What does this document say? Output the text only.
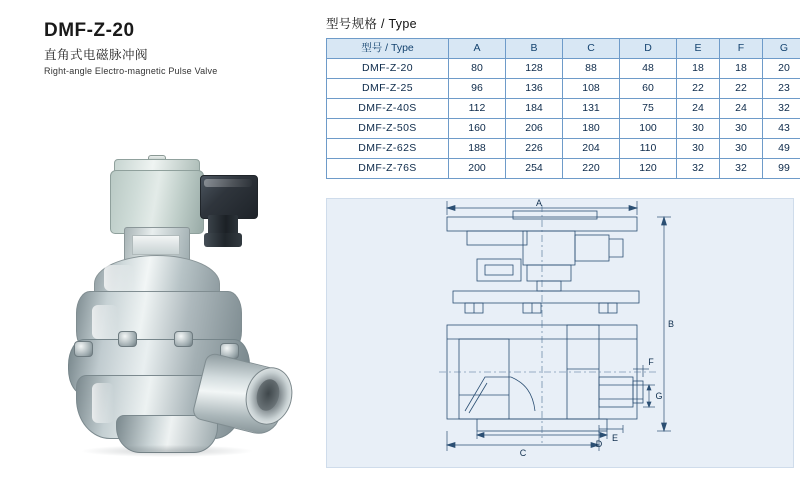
DMF-Z-20
直角式电磁脉冲阀
Right-angle Electro-magnetic Pulse Valve
型号规格 / Type
型号 / Type	A	B	C	D	E	F	G
DMF-Z-20	80	128	88	48	18	18	20
DMF-Z-25	96	136	108	60	22	22	23
DMF-Z-40S	112	184	131	75	24	24	32
DMF-Z-50S	160	206	180	100	30	30	43
DMF-Z-62S	188	226	204	110	30	30	49
DMF-Z-76S	200	254	220	120	32	32	99
A
B
C
D
E
F
G
